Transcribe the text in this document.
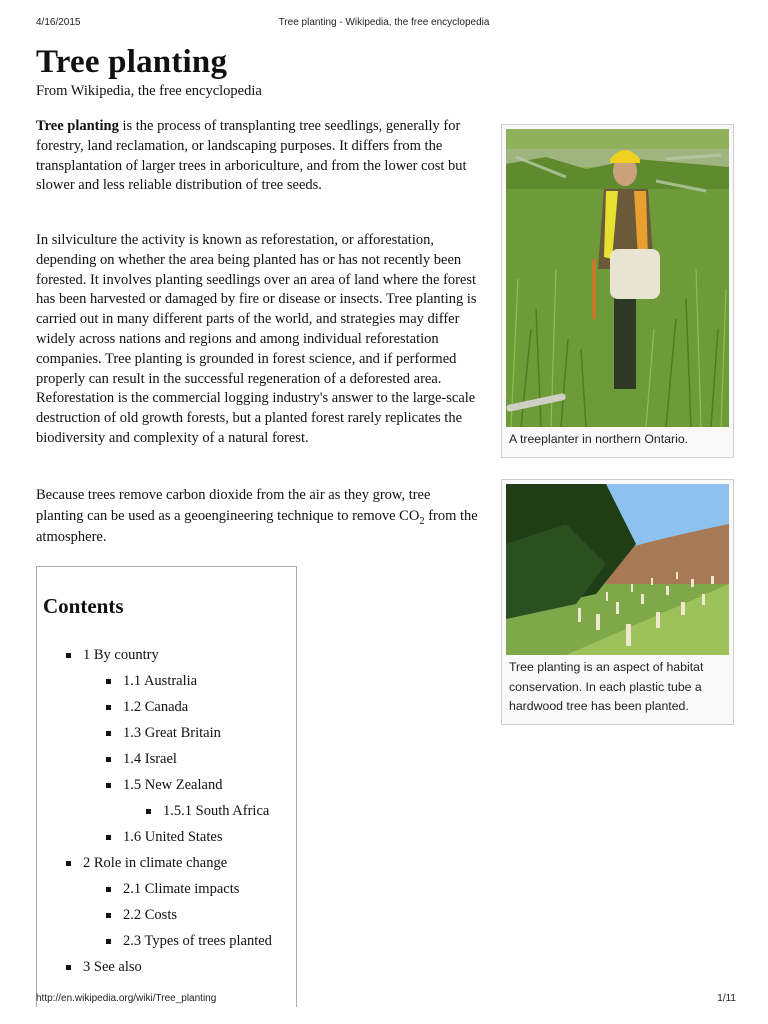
4/16/2015	Tree planting - Wikipedia, the free encyclopedia
Tree planting
From Wikipedia, the free encyclopedia

Tree planting is the process of transplanting tree seedlings, generally for forestry, land reclamation, or landscaping purposes. It differs from the transplantation of larger trees in arboriculture, and from the lower cost but slower and less reliable distribution of tree seeds.

In silviculture the activity is known as reforestation, or afforestation, depending on whether the area being planted has or has not recently been forested. It involves planting seedlings over an area of land where the forest has been harvested or damaged by fire or disease or insects. Tree planting is carried out in many different parts of the world, and strategies may differ widely across nations and regions and among individual reforestation companies. Tree planting is grounded in forest science, and if performed properly can result in the successful regeneration of a deforested area. Reforestation is the commercial logging industry's answer to the large-scale destruction of old growth forests, but a planted forest rarely replicates the biodiversity and complexity of a natural forest.

Because trees remove carbon dioxide from the air as they grow, tree planting can be used as a geoengineering technique to remove $CO_2$ from the atmosphere.

A treeplanter in northern Ontario.
Tree planting is an aspect of habitat conservation. In each plastic tube a hardwood tree has been planted.
Contents
1 By country
1.1 Australia
1.2 Canada
1.3 Great Britain
1.4 Israel
1.5 New Zealand
1.5.1 South Africa
1.6 United States
2 Role in climate change
2.1 Climate impacts
2.2 Costs
2.3 Types of trees planted
3 See also
http://en.wikipedia.org/wiki/Tree_planting	1/11
